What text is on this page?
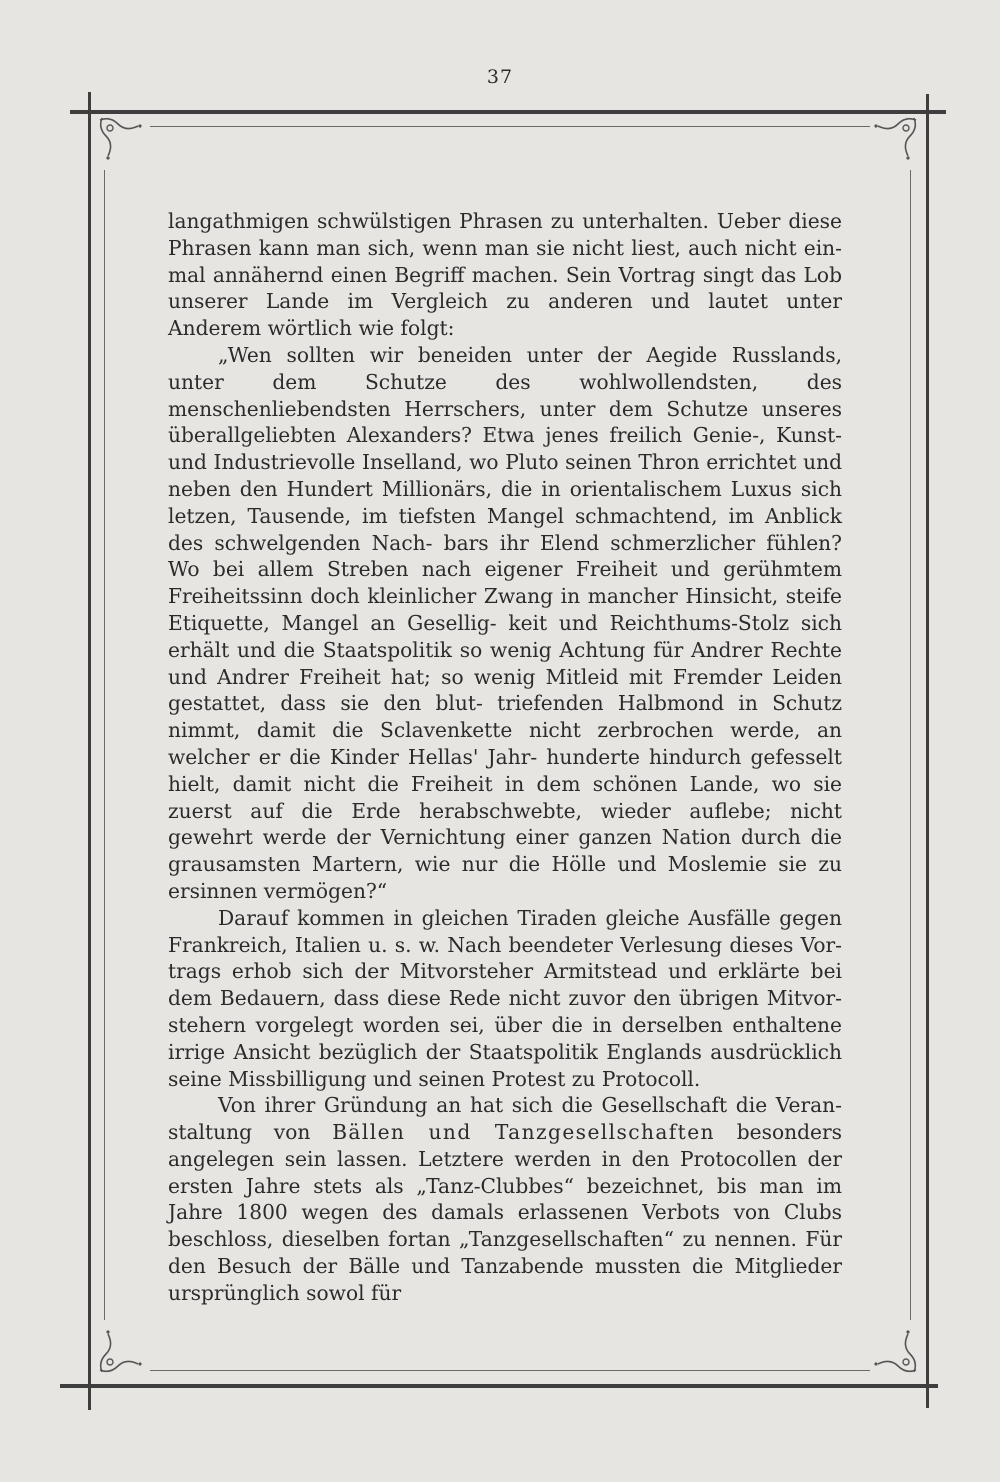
37

langathmigen schwülstigen Phrasen zu unterhalten. Ueber diese Phrasen kann man sich, wenn man sie nicht liest, auch nicht ein- mal annähernd einen Begriff machen. Sein Vortrag singt das Lob unserer Lande im Vergleich zu anderen und lautet unter Anderem wörtlich wie folgt:

„Wen sollten wir beneiden unter der Aegide Russlands, unter dem Schutze des wohlwollendsten, des menschenliebendsten Herrschers, unter dem Schutze unseres überallgeliebten Alexanders? Etwa jenes freilich Genie-, Kunst- und Industrievolle Inselland, wo Pluto seinen Thron errichtet und neben den Hundert Millionärs, die in orientalischem Luxus sich letzen, Tausende, im tiefsten Mangel schmachtend, im Anblick des schwelgenden Nach- bars ihr Elend schmerzlicher fühlen? Wo bei allem Streben nach eigener Freiheit und gerühmtem Freiheitssinn doch kleinlicher Zwang in mancher Hinsicht, steife Etiquette, Mangel an Gesellig- keit und Reichthums-Stolz sich erhält und die Staatspolitik so wenig Achtung für Andrer Rechte und Andrer Freiheit hat; so wenig Mitleid mit Fremder Leiden gestattet, dass sie den blut- triefenden Halbmond in Schutz nimmt, damit die Sclavenkette nicht zerbrochen werde, an welcher er die Kinder Hellas' Jahr- hunderte hindurch gefesselt hielt, damit nicht die Freiheit in dem schönen Lande, wo sie zuerst auf die Erde herabschwebte, wieder auflebe; nicht gewehrt werde der Vernichtung einer ganzen Nation durch die grausamsten Martern, wie nur die Hölle und Moslemie sie zu ersinnen vermögen?“

Darauf kommen in gleichen Tiraden gleiche Ausfälle gegen Frankreich, Italien u. s. w. Nach beendeter Verlesung dieses Vor- trags erhob sich der Mitvorsteher Armitstead und erklärte bei dem Bedauern, dass diese Rede nicht zuvor den übrigen Mitvor- stehern vorgelegt worden sei, über die in derselben enthaltene irrige Ansicht bezüglich der Staatspolitik Englands ausdrücklich seine Missbilligung und seinen Protest zu Protocoll.

Von ihrer Gründung an hat sich die Gesellschaft die Veran- staltung von Bällen und Tanzgesellschaften besonders angelegen sein lassen. Letztere werden in den Protocollen der ersten Jahre stets als „Tanz-Clubbes“ bezeichnet, bis man im Jahre 1800 wegen des damals erlassenen Verbots von Clubs beschloss, dieselben fortan „Tanzgesellschaften“ zu nennen. Für den Besuch der Bälle und Tanzabende mussten die Mitglieder ursprünglich sowol für
